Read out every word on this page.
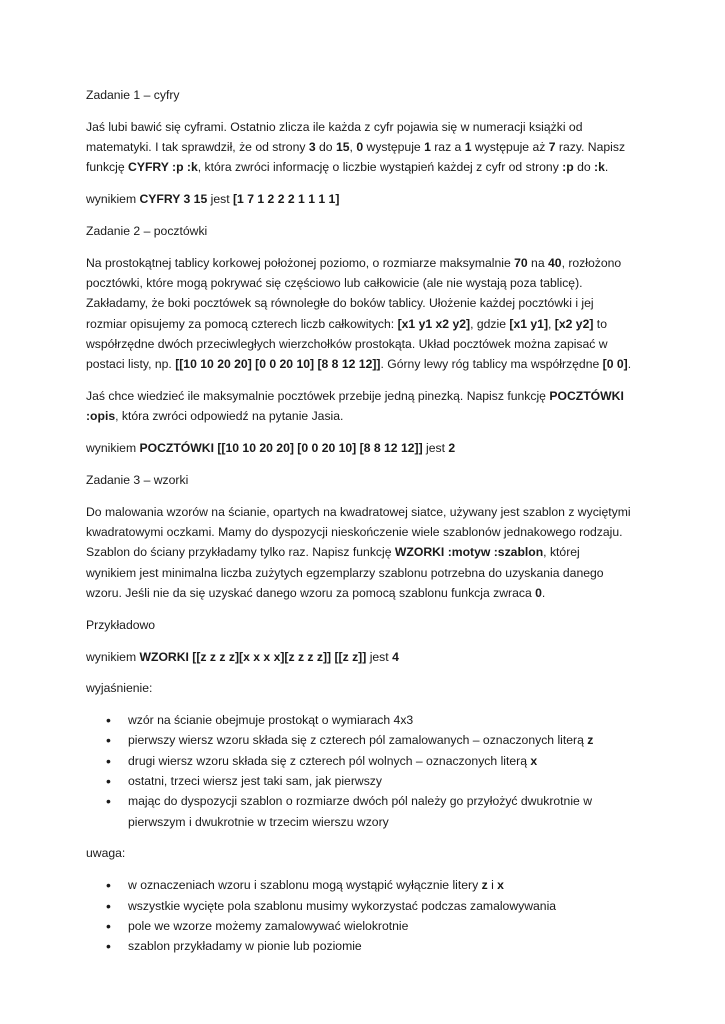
Zadanie 1 – cyfry

Jaś lubi bawić się cyframi. Ostatnio zlicza ile każda z cyfr pojawia się w numeracji książki od matematyki. I tak sprawdził, że od strony 3 do 15, 0 występuje 1 raz a 1 występuje aż 7 razy. Napisz funkcję CYFRY :p :k, która zwróci informację o liczbie wystąpień każdej z cyfr od strony :p do :k.

wynikiem CYFRY 3 15 jest [1 7 1 2 2 2 1 1 1 1]

Zadanie 2 – pocztówki

Na prostokątnej tablicy korkowej położonej poziomo, o rozmiarze maksymalnie 70 na 40, rozłożono pocztówki, które mogą pokrywać się częściowo lub całkowicie (ale nie wystają poza tablicę). Zakładamy, że boki pocztówek są równoległe do boków tablicy. Ułożenie każdej pocztówki i jej rozmiar opisujemy za pomocą czterech liczb całkowitych: [x1 y1 x2 y2], gdzie [x1 y1], [x2 y2] to współrzędne dwóch przeciwległych wierzchołków prostokąta. Układ pocztówek można zapisać w postaci listy, np. [[10 10 20 20] [0 0 20 10] [8 8 12 12]]. Górny lewy róg tablicy ma współrzędne [0 0].

Jaś chce wiedzieć ile maksymalnie pocztówek przebije jedną pinezką. Napisz funkcję POCZTÓWKI :opis, która zwróci odpowiedź na pytanie Jasia.

wynikiem POCZTÓWKI [[10 10 20 20] [0 0 20 10] [8 8 12 12]] jest 2

Zadanie 3 – wzorki

Do malowania wzorów na ścianie, opartych na kwadratowej siatce, używany jest szablon z wyciętymi kwadratowymi oczkami. Mamy do dyspozycji nieskończenie wiele szablonów jednakowego rodzaju. Szablon do ściany przykładamy tylko raz. Napisz funkcję WZORKI :motyw :szablon, której wynikiem jest minimalna liczba zużytych egzemplarzy szablonu potrzebna do uzyskania danego wzoru. Jeśli nie da się uzyskać danego wzoru za pomocą szablonu funkcja zwraca 0.

Przykładowo

wynikiem WZORKI [[z z z z][x x x x][z z z z]] [[z z]] jest 4

wyjaśnienie:

• wzór na ścianie obejmuje prostokąt o wymiarach 4x3
• pierwszy wiersz wzoru składa się z czterech pól zamalowanych – oznaczonych literą z
• drugi wiersz wzoru składa się z czterech pól wolnych – oznaczonych literą x
• ostatni, trzeci wiersz jest taki sam, jak pierwszy
• mając do dyspozycji szablon o rozmiarze dwóch pól należy go przyłożyć dwukrotnie w pierwszym i dwukrotnie w trzecim wierszu wzory

uwaga:

• w oznaczeniach wzoru i szablonu mogą wystąpić wyłącznie litery z i x
• wszystkie wycięte pola szablonu musimy wykorzystać podczas zamalowywania
• pole we wzorze możemy zamalowywać wielokrotnie
• szablon przykładamy w pionie lub poziomie
